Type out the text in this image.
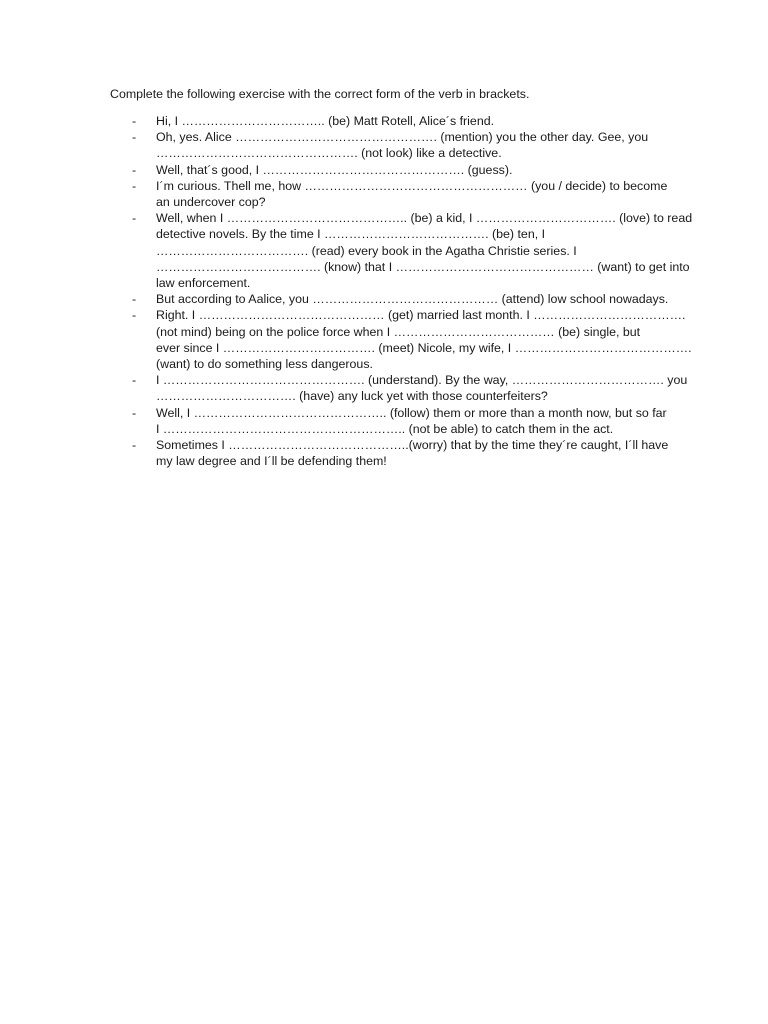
Complete the following exercise with the correct form of the verb in brackets.

- Hi, I …………………………….. (be) Matt Rotell, Alice´s friend.
- Oh, yes. Alice …………………………………………. (mention) you the other day. Gee, you
…………………………………………. (not look) like a detective.
- Well, that´s good, I …………………………………………. (guess).
- I´m curious. Thell me, how ……………………………………………… (you / decide) to become
an undercover cop?
- Well, when I …………………………………….. (be) a kid, I ……………………………. (love) to read
detective novels. By the time I …………………………………. (be) ten, I
………………………………. (read) every book in the Agatha Christie series. I
…………………………………. (know) that I ………………………………………… (want) to get into
law enforcement.
- But according to Aalice, you ……………………………………… (attend) low school nowadays.
- Right. I ……………………………………… (get) married last month. I ……………………………….
(not mind) being on the police force when I ………………………………… (be) single, but
ever since I ………………………………. (meet) Nicole, my wife, I …………………………………….
(want) to do something less dangerous.
- I …………………………………………. (understand). By the way, ………………………………. you
……………………………. (have) any luck yet with those counterfeiters?
- Well, I ……………………………………….. (follow) them or more than a month now, but so far
I ………………………………………………….. (not be able) to catch them in the act.
- Sometimes I ……………………………………..(worry) that by the time they´re caught, I´ll have
my law degree and I´ll be defending them!
